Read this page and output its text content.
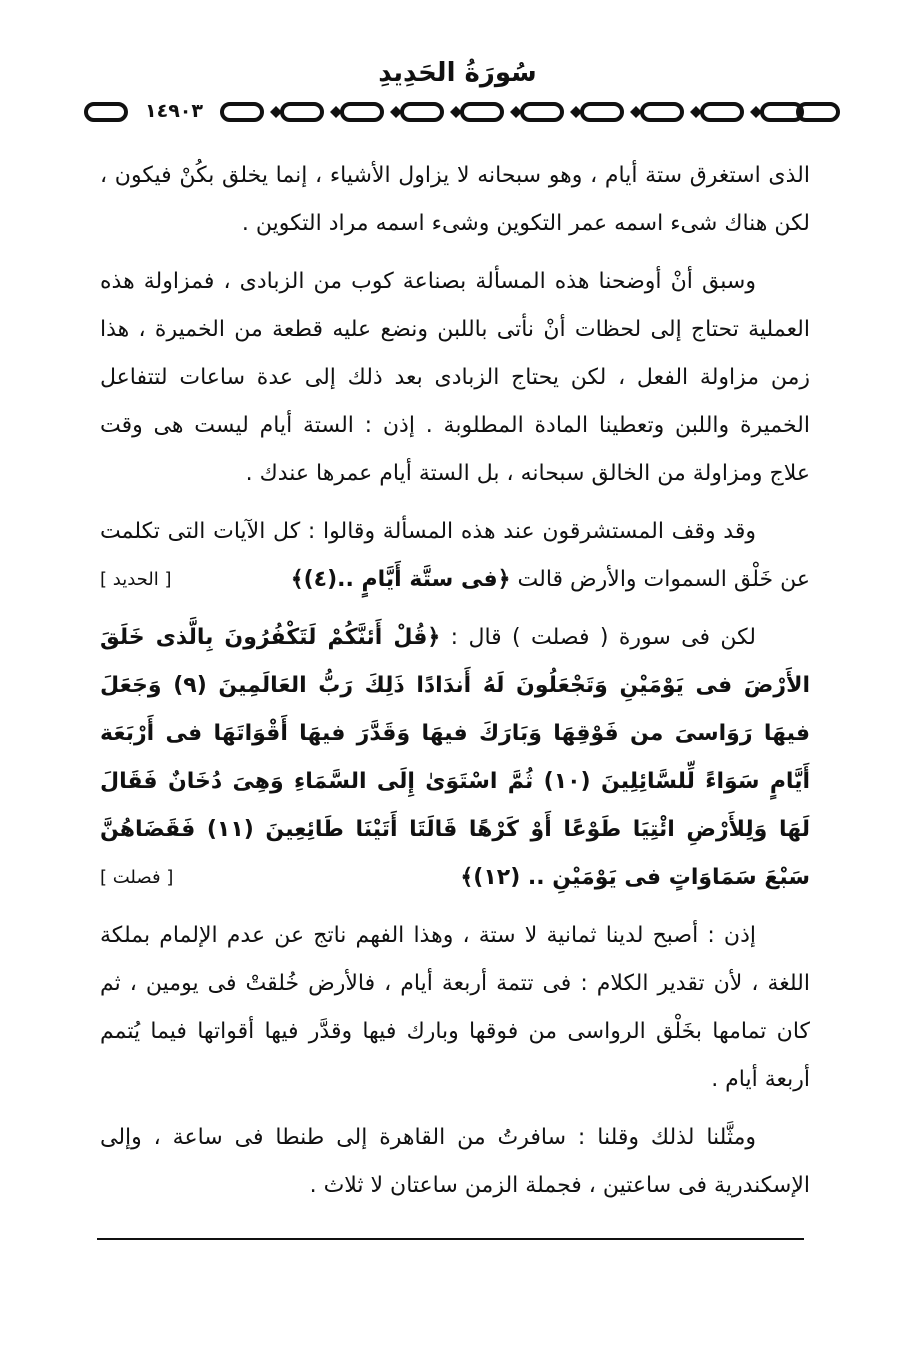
سُورَةُ الحَدِيدِ
١٤٩٠٣

الذى استغرق ستة أيام ، وهو سبحانه لا يزاول الأشياء ، إنما يخلق بكُنْ فيكون ، لكن هناك شىء اسمه عمر التكوين وشىء اسمه مراد التكوين .

وسبق أنْ أوضحنا هذه المسألة بصناعة كوب من الزبادى ، فمزاولة هذه العملية تحتاج إلى لحظات أنْ نأتى باللبن ونضع عليه قطعة من الخميرة ، هذا زمن مزاولة الفعل ، لكن يحتاج الزبادى بعد ذلك إلى عدة ساعات لتتفاعل الخميرة واللبن وتعطينا المادة المطلوبة . إذن : الستة أيام ليست هى وقت علاج ومزاولة من الخالق سبحانه ، بل الستة أيام عمرها عندك .

وقد وقف المستشرقون عند هذه المسألة وقالوا : كل الآيات التى تكلمت عن خَلْق السموات والأرض قالت ﴿فى ستَّة أَيَّامٍ ..(٤)﴾
[ الحديد ]

لكن فى سورة ( فصلت ) قال : ﴿قُلْ أَئنَّكُمْ لَتَكْفُرُونَ بِالَّذى خَلَقَ الأَرْضَ فى يَوْمَيْنِ وَتَجْعَلُونَ لَهُ أَندَادًا ذَلِكَ رَبُّ العَالَمِينَ (٩) وَجَعَلَ فيهَا رَوَاسىَ من فَوْقِهَا وَبَارَكَ فيهَا وَقَدَّرَ فيهَا أَقْوَاتَهَا فى أَرْبَعَة أَيَّامٍ سَوَاءً لِّلسَّائِلِينَ (١٠) ثُمَّ اسْتَوَىٰ إِلَى السَّمَاءِ وَهِىَ دُخَانٌ فَقَالَ لَهَا وَلِلأَرْضِ ائْتِيَا طَوْعًا أَوْ كَرْهًا قَالَتَا أَتَيْنَا طَائِعِينَ (١١) فَقَضَاهُنَّ سَبْعَ سَمَاوَاتٍ فى يَوْمَيْنِ .. (١٢)﴾
[ فصلت ]

إذن : أصبح لدينا ثمانية لا ستة ، وهذا الفهم ناتج عن عدم الإلمام بملكة اللغة ، لأن تقدير الكلام : فى تتمة أربعة أيام ، فالأرض خُلقتْ فى يومين ، ثم كان تمامها بخَلْق الرواسى من فوقها وبارك فيها وقدَّر فيها أقواتها فيما يُتمم أربعة أيام .

ومثَّلنا لذلك وقلنا : سافرتُ من القاهرة إلى طنطا فى ساعة ، وإلى الإسكندرية فى ساعتين ، فجملة الزمن ساعتان لا ثلاث .
